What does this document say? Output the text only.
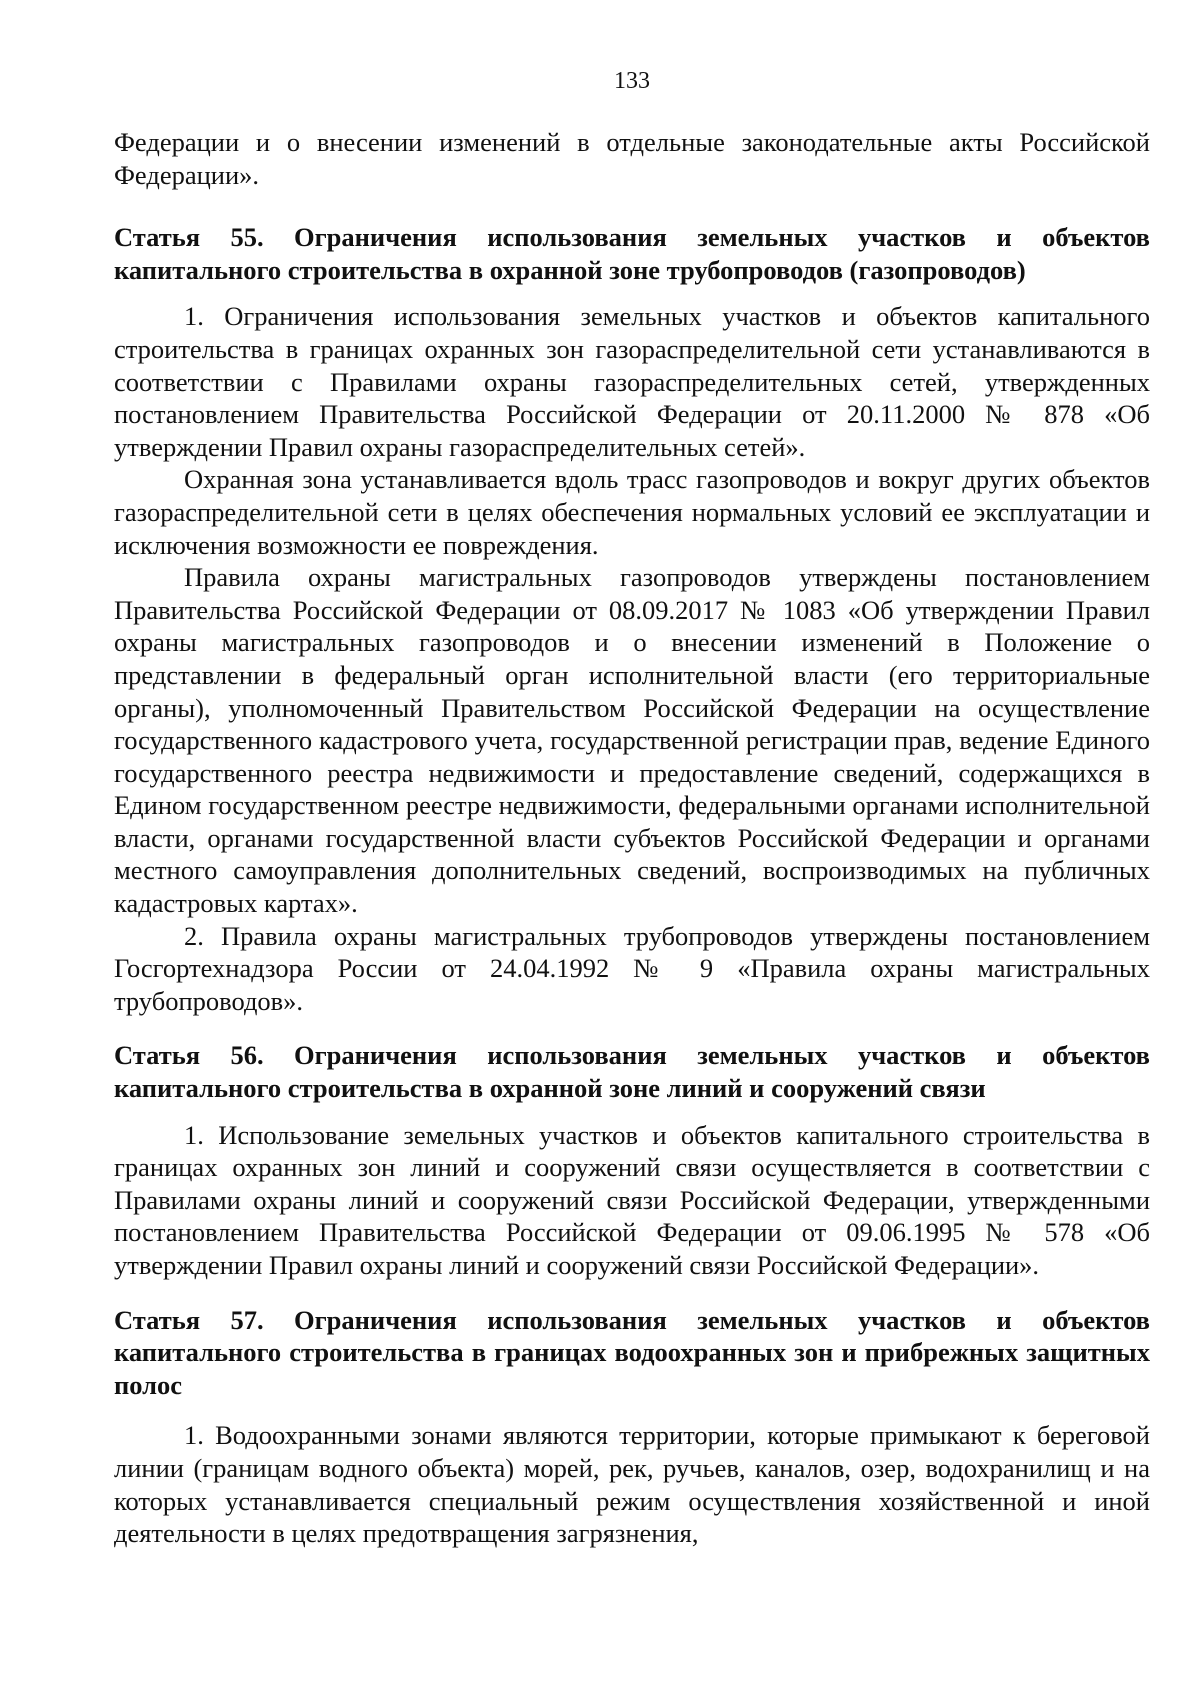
133

Федерации и о внесении изменений в отдельные законодательные акты Российской Федерации».

Статья 55. Ограничения использования земельных участков и объектов капитального строительства в охранной зоне трубопроводов (газопроводов)

1. Ограничения использования земельных участков и объектов капитального строительства в границах охранных зон газораспределительной сети устанавливаются в соответствии с Правилами охраны газораспределительных сетей, утвержденных постановлением Правительства Российской Федерации от 20.11.2000 № 878 «Об утверждении Правил охраны газораспределительных сетей».

Охранная зона устанавливается вдоль трасс газопроводов и вокруг других объектов газораспределительной сети в целях обеспечения нормальных условий ее эксплуатации и исключения возможности ее повреждения.

Правила охраны магистральных газопроводов утверждены постановлением Правительства Российской Федерации от 08.09.2017 № 1083 «Об утверждении Правил охраны магистральных газопроводов и о внесении изменений в Положение о представлении в федеральный орган исполнительной власти (его территориальные органы), уполномоченный Правительством Российской Федерации на осуществление государственного кадастрового учета, государственной регистрации прав, ведение Единого государственного реестра недвижимости и предоставление сведений, содержащихся в Едином государственном реестре недвижимости, федеральными органами исполнительной власти, органами государственной власти субъектов Российской Федерации и органами местного самоуправления дополнительных сведений, воспроизводимых на публичных кадастровых картах».

2. Правила охраны магистральных трубопроводов утверждены постановлением Госгортехнадзора России от 24.04.1992 № 9 «Правила охраны магистральных трубопроводов».

Статья 56. Ограничения использования земельных участков и объектов капитального строительства в охранной зоне линий и сооружений связи

1. Использование земельных участков и объектов капитального строительства в границах охранных зон линий и сооружений связи осуществляется в соответствии с Правилами охраны линий и сооружений связи Российской Федерации, утвержденными постановлением Правительства Российской Федерации от 09.06.1995 № 578 «Об утверждении Правил охраны линий и сооружений связи Российской Федерации».

Статья 57. Ограничения использования земельных участков и объектов капитального строительства в границах водоохранных зон и прибрежных защитных полос

1. Водоохранными зонами являются территории, которые примыкают к береговой линии (границам водного объекта) морей, рек, ручьев, каналов, озер, водохранилищ и на которых устанавливается специальный режим осуществления хозяйственной и иной деятельности в целях предотвращения загрязнения,
